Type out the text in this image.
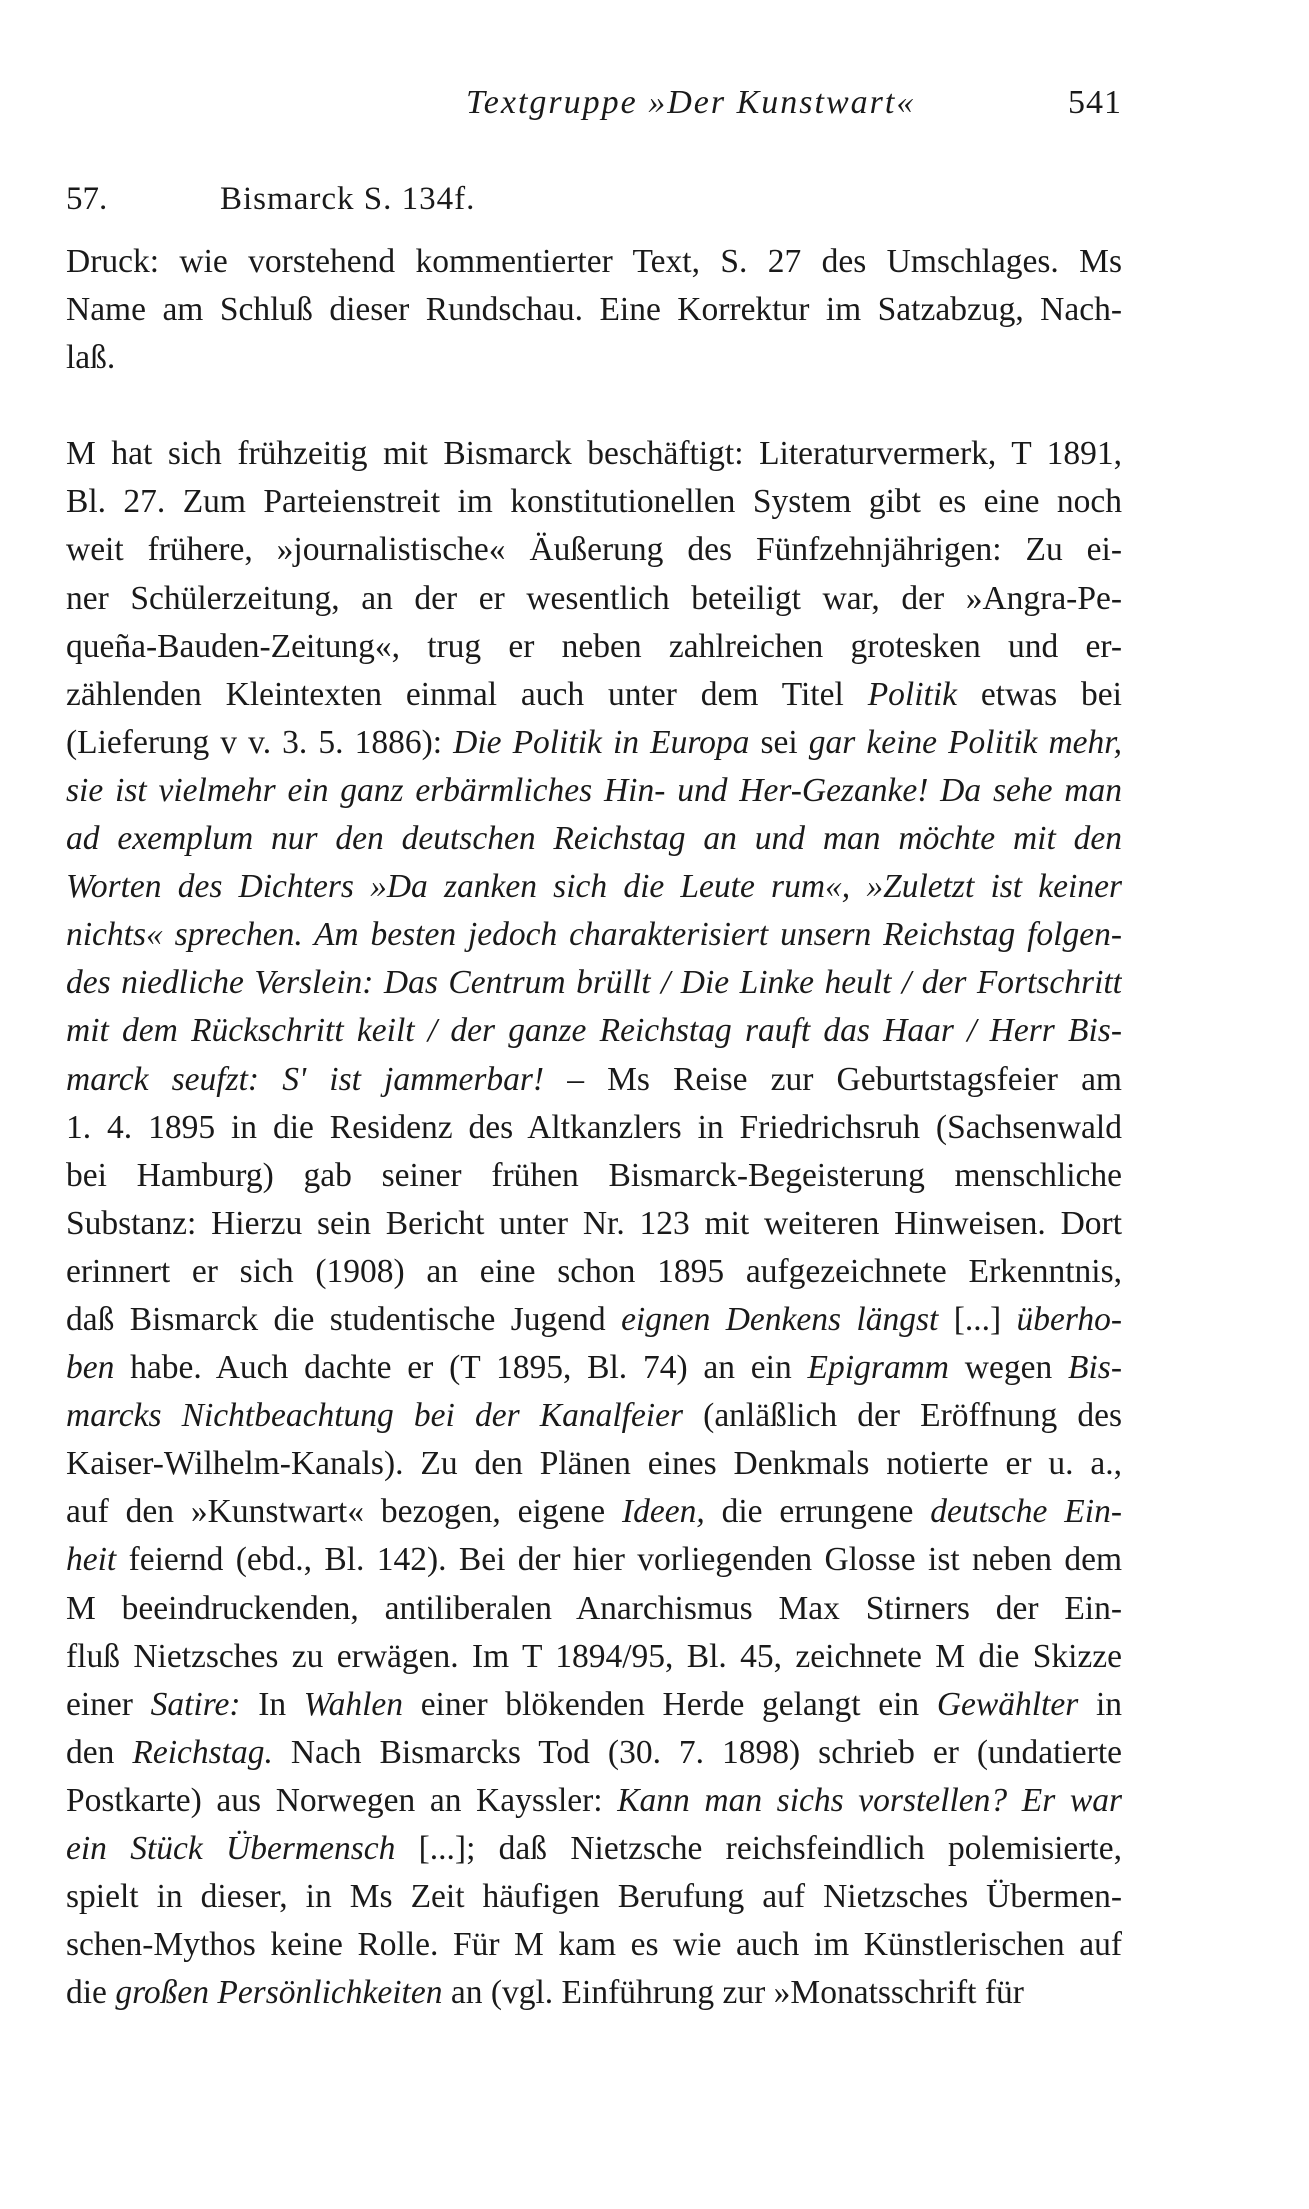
Textgruppe »Der Kunstwart«	541
57.	Bismarck S. 134f.
Druck: wie vorstehend kommentierter Text, S. 27 des Umschlages. Ms
Name am Schluß dieser Rundschau. Eine Korrektur im Satzabzug, Nach-
laß.
M hat sich frühzeitig mit Bismarck beschäftigt: Literaturvermerk, T 1891,
Bl. 27. Zum Parteienstreit im konstitutionellen System gibt es eine noch
weit frühere, »journalistische« Äußerung des Fünfzehnjährigen: Zu ei-
ner Schülerzeitung, an der er wesentlich beteiligt war, der »Angra-Pe-
queña-Bauden-Zeitung«, trug er neben zahlreichen grotesken und er-
zählenden Kleintexten einmal auch unter dem Titel Politik etwas bei
(Lieferung v v. 3. 5. 1886): Die Politik in Europa sei gar keine Politik mehr,
sie ist vielmehr ein ganz erbärmliches Hin- und Her-Gezanke! Da sehe man
ad exemplum nur den deutschen Reichstag an und man möchte mit den
Worten des Dichters »Da zanken sich die Leute rum«, »Zuletzt ist keiner
nichts« sprechen. Am besten jedoch charakterisiert unsern Reichstag folgen-
des niedliche Verslein: Das Centrum brüllt / Die Linke heult / der Fortschritt
mit dem Rückschritt keilt / der ganze Reichstag rauft das Haar / Herr Bis-
marck seufzt: S' ist jammerbar! – Ms Reise zur Geburtstagsfeier am
1. 4. 1895 in die Residenz des Altkanzlers in Friedrichsruh (Sachsenwald
bei Hamburg) gab seiner frühen Bismarck-Begeisterung menschliche
Substanz: Hierzu sein Bericht unter Nr. 123 mit weiteren Hinweisen. Dort
erinnert er sich (1908) an eine schon 1895 aufgezeichnete Erkenntnis,
daß Bismarck die studentische Jugend eignen Denkens längst [...] überho-
ben habe. Auch dachte er (T 1895, Bl. 74) an ein Epigramm wegen Bis-
marcks Nichtbeachtung bei der Kanalfeier (anläßlich der Eröffnung des
Kaiser-Wilhelm-Kanals). Zu den Plänen eines Denkmals notierte er u. a.,
auf den »Kunstwart« bezogen, eigene Ideen, die errungene deutsche Ein-
heit feiernd (ebd., Bl. 142). Bei der hier vorliegenden Glosse ist neben dem
M beeindruckenden, antiliberalen Anarchismus Max Stirners der Ein-
fluß Nietzsches zu erwägen. Im T 1894/95, Bl. 45, zeichnete M die Skizze
einer Satire: In Wahlen einer blökenden Herde gelangt ein Gewählter in
den Reichstag. Nach Bismarcks Tod (30. 7. 1898) schrieb er (undatierte
Postkarte) aus Norwegen an Kayssler: Kann man sichs vorstellen? Er war
ein Stück Übermensch [...]; daß Nietzsche reichsfeindlich polemisierte,
spielt in dieser, in Ms Zeit häufigen Berufung auf Nietzsches Übermen-
schen-Mythos keine Rolle. Für M kam es wie auch im Künstlerischen auf
die großen Persönlichkeiten an (vgl. Einführung zur »Monatsschrift für
